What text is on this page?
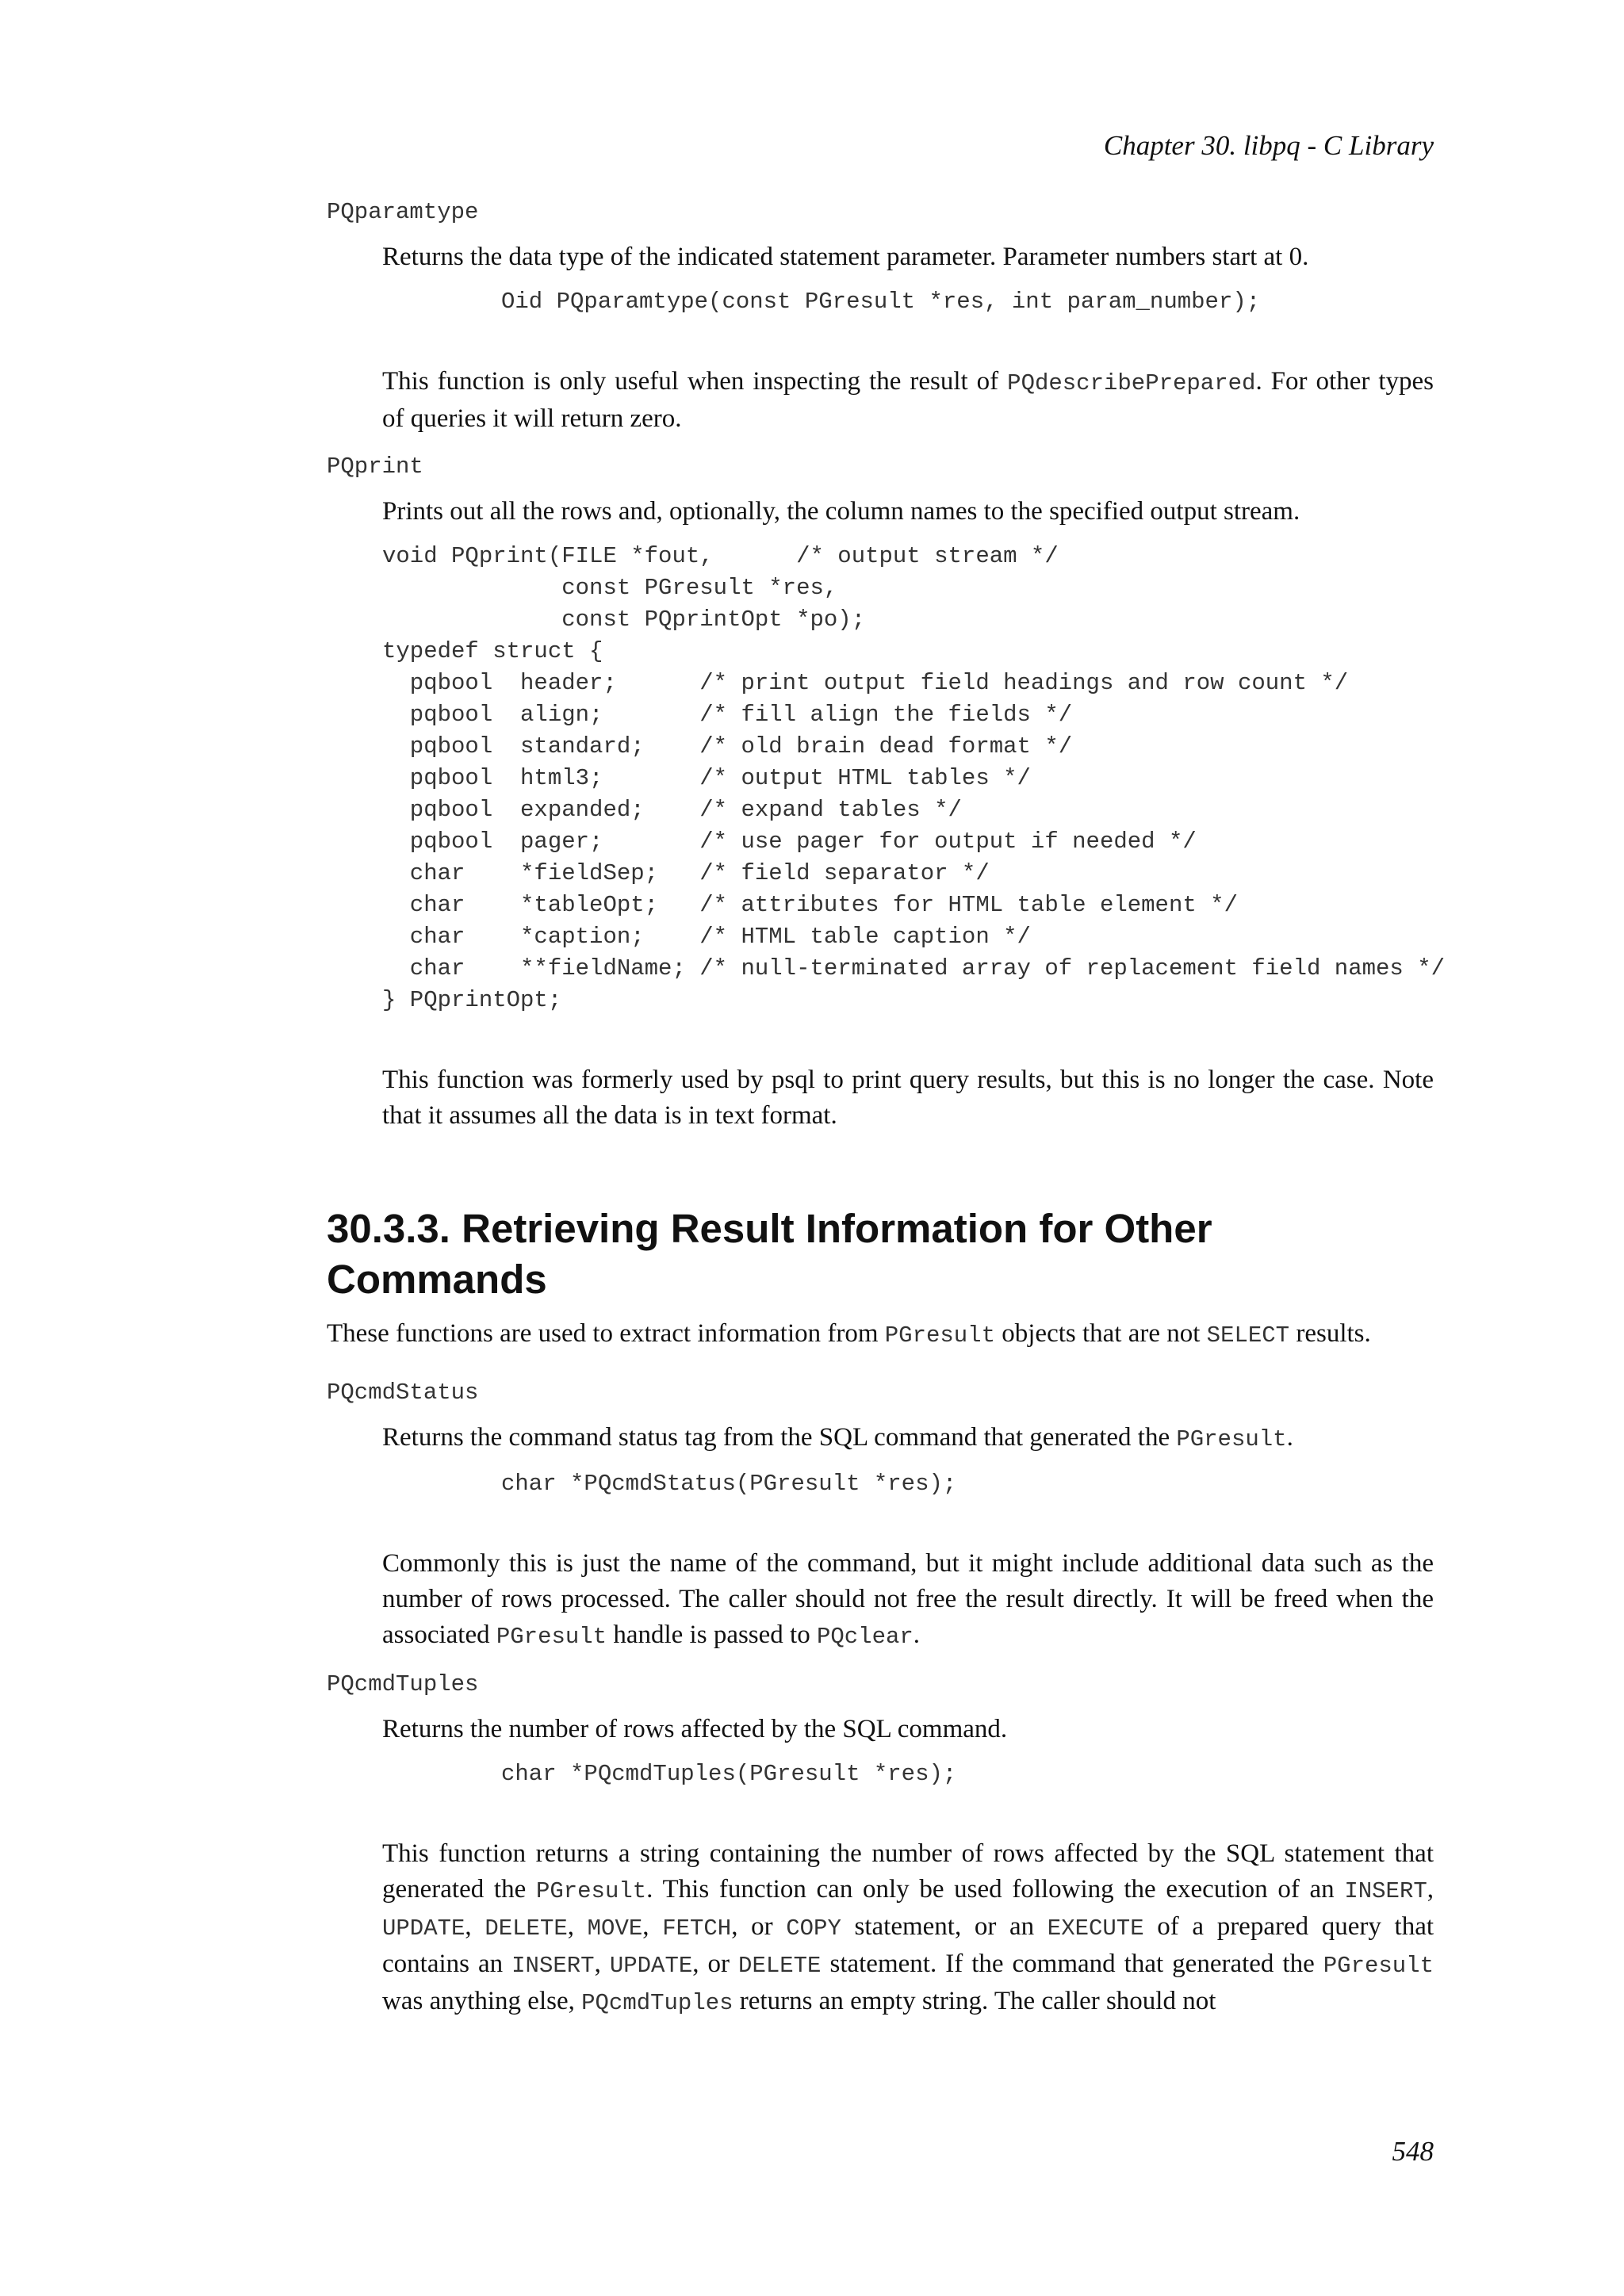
Chapter 30. libpq - C Library

PQparamtype

Returns the data type of the indicated statement parameter. Parameter numbers start at 0.

Oid PQparamtype(const PGresult *res, int param_number);

This function is only useful when inspecting the result of PQdescribePrepared. For other types of queries it will return zero.

PQprint

Prints out all the rows and, optionally, the column names to the specified output stream.

void PQprint(FILE *fout,      /* output stream */
const PGresult *res,
const PQprintOpt *po);
typedef struct {
pqbool  header;      /* print output field headings and row count */
pqbool  align;       /* fill align the fields */
pqbool  standard;    /* old brain dead format */
pqbool  html3;       /* output HTML tables */
pqbool  expanded;    /* expand tables */
pqbool  pager;       /* use pager for output if needed */
char    *fieldSep;   /* field separator */
char    *tableOpt;   /* attributes for HTML table element */
char    *caption;    /* HTML table caption */
char    **fieldName; /* null-terminated array of replacement field names */
} PQprintOpt;

This function was formerly used by psql to print query results, but this is no longer the case. Note that it assumes all the data is in text format.

30.3.3. Retrieving Result Information for Other Commands

These functions are used to extract information from PGresult objects that are not SELECT results.

PQcmdStatus

Returns the command status tag from the SQL command that generated the PGresult.

char *PQcmdStatus(PGresult *res);

Commonly this is just the name of the command, but it might include additional data such as the number of rows processed. The caller should not free the result directly. It will be freed when the associated PGresult handle is passed to PQclear.

PQcmdTuples

Returns the number of rows affected by the SQL command.

char *PQcmdTuples(PGresult *res);

This function returns a string containing the number of rows affected by the SQL statement that generated the PGresult. This function can only be used following the execution of an INSERT, UPDATE, DELETE, MOVE, FETCH, or COPY statement, or an EXECUTE of a prepared query that contains an INSERT, UPDATE, or DELETE statement. If the command that generated the PGresult was anything else, PQcmdTuples returns an empty string. The caller should not

548
